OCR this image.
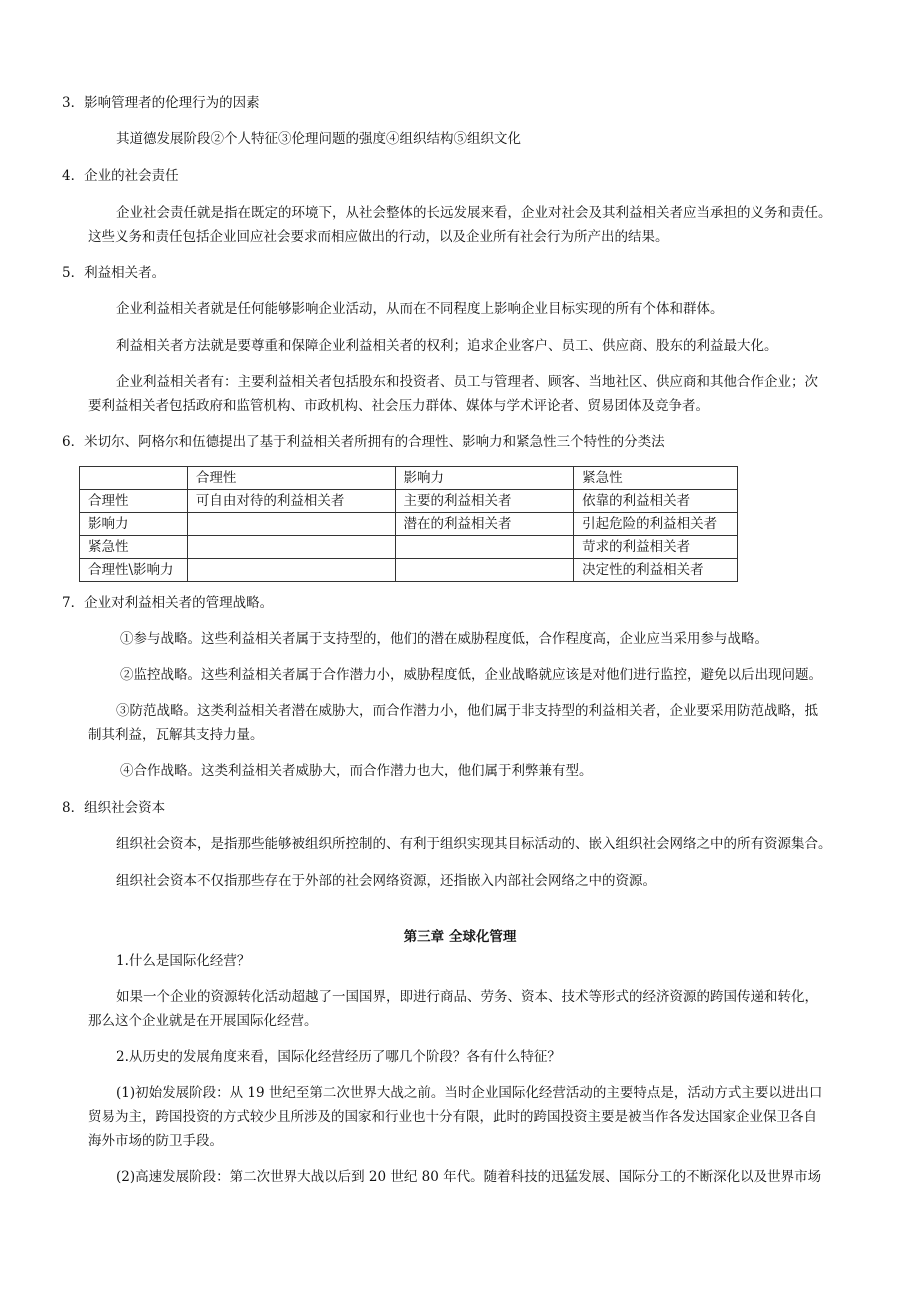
3．影响管理者的伦理行为的因素
其道德发展阶段②个人特征③伦理问题的强度④组织结构⑤组织文化
4．企业的社会责任
企业社会责任就是指在既定的环境下，从社会整体的长远发展来看，企业对社会及其利益相关者应当承担的义务和责任。
这些义务和责任包括企业回应社会要求而相应做出的行动，以及企业所有社会行为所产出的结果。
5．利益相关者。
企业利益相关者就是任何能够影响企业活动，从而在不同程度上影响企业目标实现的所有个体和群体。
利益相关者方法就是要尊重和保障企业利益相关者的权利；追求企业客户、员工、供应商、股东的利益最大化。
企业利益相关者有：主要利益相关者包括股东和投资者、员工与管理者、顾客、当地社区、供应商和其他合作企业；次
要利益相关者包括政府和监管机构、市政机构、社会压力群体、媒体与学术评论者、贸易团体及竞争者。
6．米切尔、阿格尔和伍德提出了基于利益相关者所拥有的合理性、影响力和紧急性三个特性的分类法
	合理性	影响力	紧急性
合理性	可自由对待的利益相关者	主要的利益相关者	依靠的利益相关者
影响力		潜在的利益相关者	引起危险的利益相关者
紧急性			苛求的利益相关者
合理性\影响力			决定性的利益相关者
7．企业对利益相关者的管理战略。
①参与战略。这些利益相关者属于支持型的，他们的潜在威胁程度低，合作程度高，企业应当采用参与战略。
②监控战略。这些利益相关者属于合作潜力小，威胁程度低，企业战略就应该是对他们进行监控，避免以后出现问题。
③防范战略。这类利益相关者潜在威胁大，而合作潜力小，他们属于非支持型的利益相关者，企业要采用防范战略，抵
制其利益，瓦解其支持力量。
④合作战略。这类利益相关者威胁大，而合作潜力也大，他们属于利弊兼有型。
8．组织社会资本
组织社会资本，是指那些能够被组织所控制的、有利于组织实现其目标活动的、嵌入组织社会网络之中的所有资源集合。
组织社会资本不仅指那些存在于外部的社会网络资源，还指嵌入内部社会网络之中的资源。
第三章 全球化管理
1.什么是国际化经营？
如果一个企业的资源转化活动超越了一国国界，即进行商品、劳务、资本、技术等形式的经济资源的跨国传递和转化，
那么这个企业就是在开展国际化经营。
2.从历史的发展角度来看，国际化经营经历了哪几个阶段？各有什么特征？
(1)初始发展阶段：从 19 世纪至第二次世界大战之前。当时企业国际化经营活动的主要特点是，活动方式主要以进出口
贸易为主，跨国投资的方式较少且所涉及的国家和行业也十分有限，此时的跨国投资主要是被当作各发达国家企业保卫各自
海外市场的防卫手段。
(2)高速发展阶段：第二次世界大战以后到 20 世纪 80 年代。随着科技的迅猛发展、国际分工的不断深化以及世界市场
